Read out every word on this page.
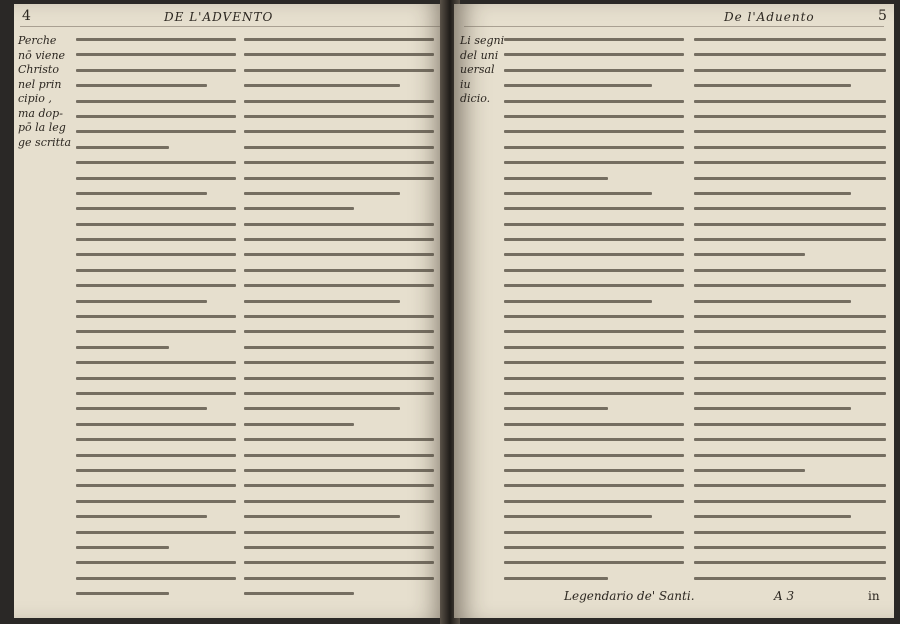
4	DE L'ADVENTO
Perche
nō viene
Christo
nel prin
cipio ,
ma dop-
pō la leg
ge scritta
De l'Aduento	5
Li segni
del uni
uersal iu
dicio.
Legendario de' Santi.	A 3	in
